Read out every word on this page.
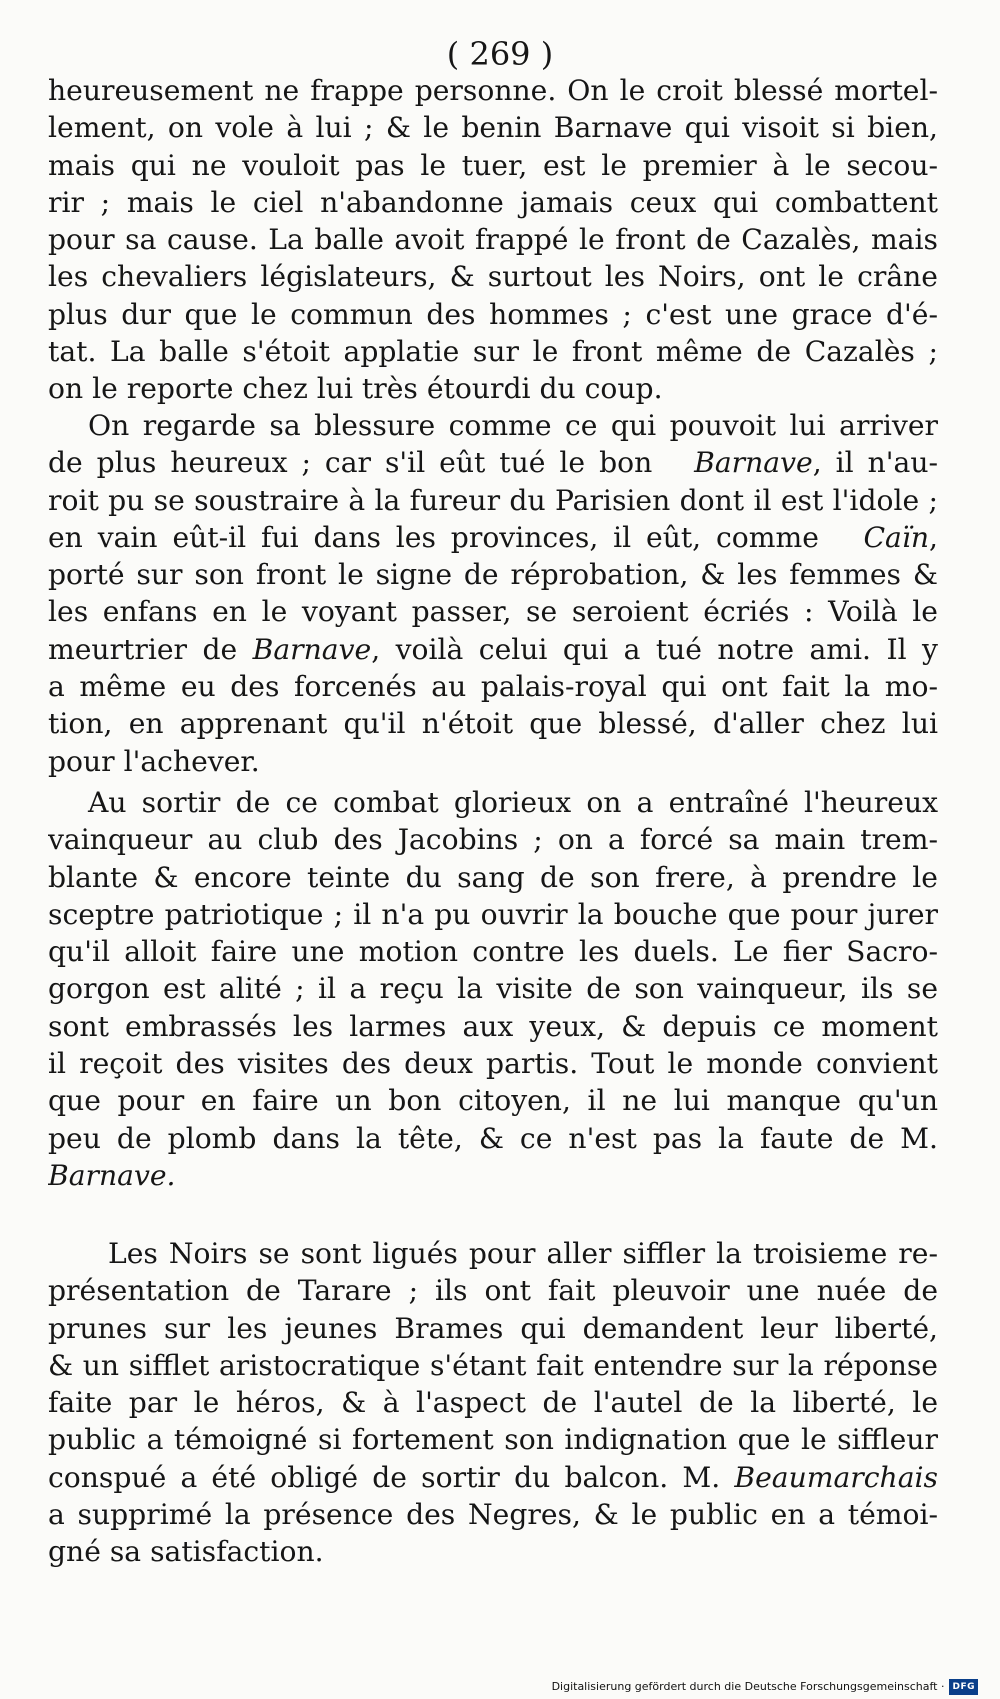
( 269 )
heureusement ne frappe personne. On le croit blessé mortel-
lement, on vole à lui ; & le benin Barnave qui visoit si bien,
mais qui ne vouloit pas le tuer, est le premier à le secou-
rir ; mais le ciel n'abandonne jamais ceux qui combattent
pour sa cause. La balle avoit frappé le front de Cazalès, mais
les chevaliers législateurs, & surtout les Noirs, ont le crâne
plus dur que le commun des hommes ; c'est une grace d'é-
tat. La balle s'étoit applatie sur le front même de Cazalès ;
on le reporte chez lui très étourdi du coup.
On regarde sa blessure comme ce qui pouvoit lui arriver
de plus heureux ; car s'il eût tué le bon Barnave, il n'au-
roit pu se soustraire à la fureur du Parisien dont il est l'idole ;
en vain eût-il fui dans les provinces, il eût, comme Caïn,
porté sur son front le signe de réprobation, & les femmes &
les enfans en le voyant passer, se seroient écriés : Voilà le
meurtrier de Barnave, voilà celui qui a tué notre ami. Il y
a même eu des forcenés au palais-royal qui ont fait la mo-
tion, en apprenant qu'il n'étoit que blessé, d'aller chez lui
pour l'achever.
Au sortir de ce combat glorieux on a entraîné l'heureux
vainqueur au club des Jacobins ; on a forcé sa main trem-
blante & encore teinte du sang de son frere, à prendre le
sceptre patriotique ; il n'a pu ouvrir la bouche que pour jurer
qu'il alloit faire une motion contre les duels. Le fier Sacro-
gorgon est alité ; il a reçu la visite de son vainqueur, ils se
sont embrassés les larmes aux yeux, & depuis ce moment
il reçoit des visites des deux partis. Tout le monde convient
que pour en faire un bon citoyen, il ne lui manque qu'un
peu de plomb dans la tête, & ce n'est pas la faute de M.
Barnave.
Les Noirs se sont ligués pour aller siffler la troisieme re-
présentation de Tarare ; ils ont fait pleuvoir une nuée de
prunes sur les jeunes Brames qui demandent leur liberté,
& un sifflet aristocratique s'étant fait entendre sur la réponse
faite par le héros, & à l'aspect de l'autel de la liberté, le
public a témoigné si fortement son indignation que le siffleur
conspué a été obligé de sortir du balcon. M. Beaumarchais
a supprimé la présence des Negres, & le public en a témoi-
gné sa satisfaction.
Digitalisierung gefördert durch die Deutsche Forschungsgemeinschaft · DFG
